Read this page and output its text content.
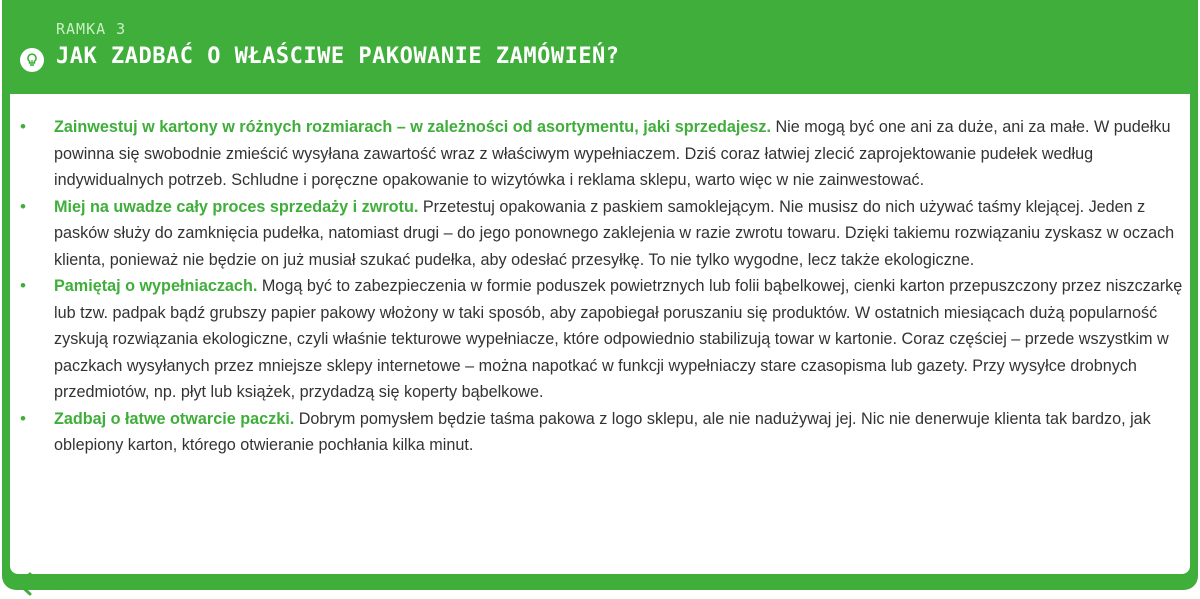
RAMKA 3
JAK ZADBAĆ O WŁAŚCIWE PAKOWANIE ZAMÓWIEŃ?
• Zainwestuj w kartony w różnych rozmiarach – w zależności od asortymentu, jaki sprzedajesz. Nie mogą być one ani za duże, ani za małe. W pudełku powinna się swobodnie zmieścić wysyłana zawartość wraz z właściwym wypełniaczem. Dziś coraz łatwiej zlecić zaprojektowanie pudełek według indywidualnych potrzeb. Schludne i poręczne opakowanie to wizytówka i reklama sklepu, warto więc w nie zainwestować.
• Miej na uwadze cały proces sprzedaży i zwrotu. Przetestuj opakowania z paskiem samoklejącym. Nie musisz do nich używać taśmy klejącej. Jeden z pasków służy do zamknięcia pudełka, natomiast drugi – do jego ponownego zaklejenia w razie zwrotu towaru. Dzięki takiemu rozwiązaniu zyskasz w oczach klienta, ponieważ nie będzie on już musiał szukać pudełka, aby odesłać przesyłkę. To nie tylko wygodne, lecz także ekologiczne.
• Pamiętaj o wypełniaczach. Mogą być to zabezpieczenia w formie poduszek powietrznych lub folii bąbelkowej, cienki karton przepuszczony przez niszczarkę lub tzw. padpak bądź grubszy papier pakowy włożony w taki sposób, aby zapobiegał poruszaniu się produktów. W ostatnich miesiącach dużą popularność zyskują rozwiązania ekologiczne, czyli właśnie tekturowe wypełniacze, które odpowiednio stabilizują towar w kartonie. Coraz częściej – przede wszystkim w paczkach wysyłanych przez mniejsze sklepy internetowe – można napotkać w funkcji wypełniaczy stare czasopisma lub gazety. Przy wysyłce drobnych przedmiotów, np. płyt lub książek, przydadzą się koperty bąbelkowe.
• Zadbaj o łatwe otwarcie paczki. Dobrym pomysłem będzie taśma pakowa z logo sklepu, ale nie nadużywaj jej. Nic nie denerwuje klienta tak bardzo, jak oblepiony karton, którego otwieranie pochłania kilka minut.
